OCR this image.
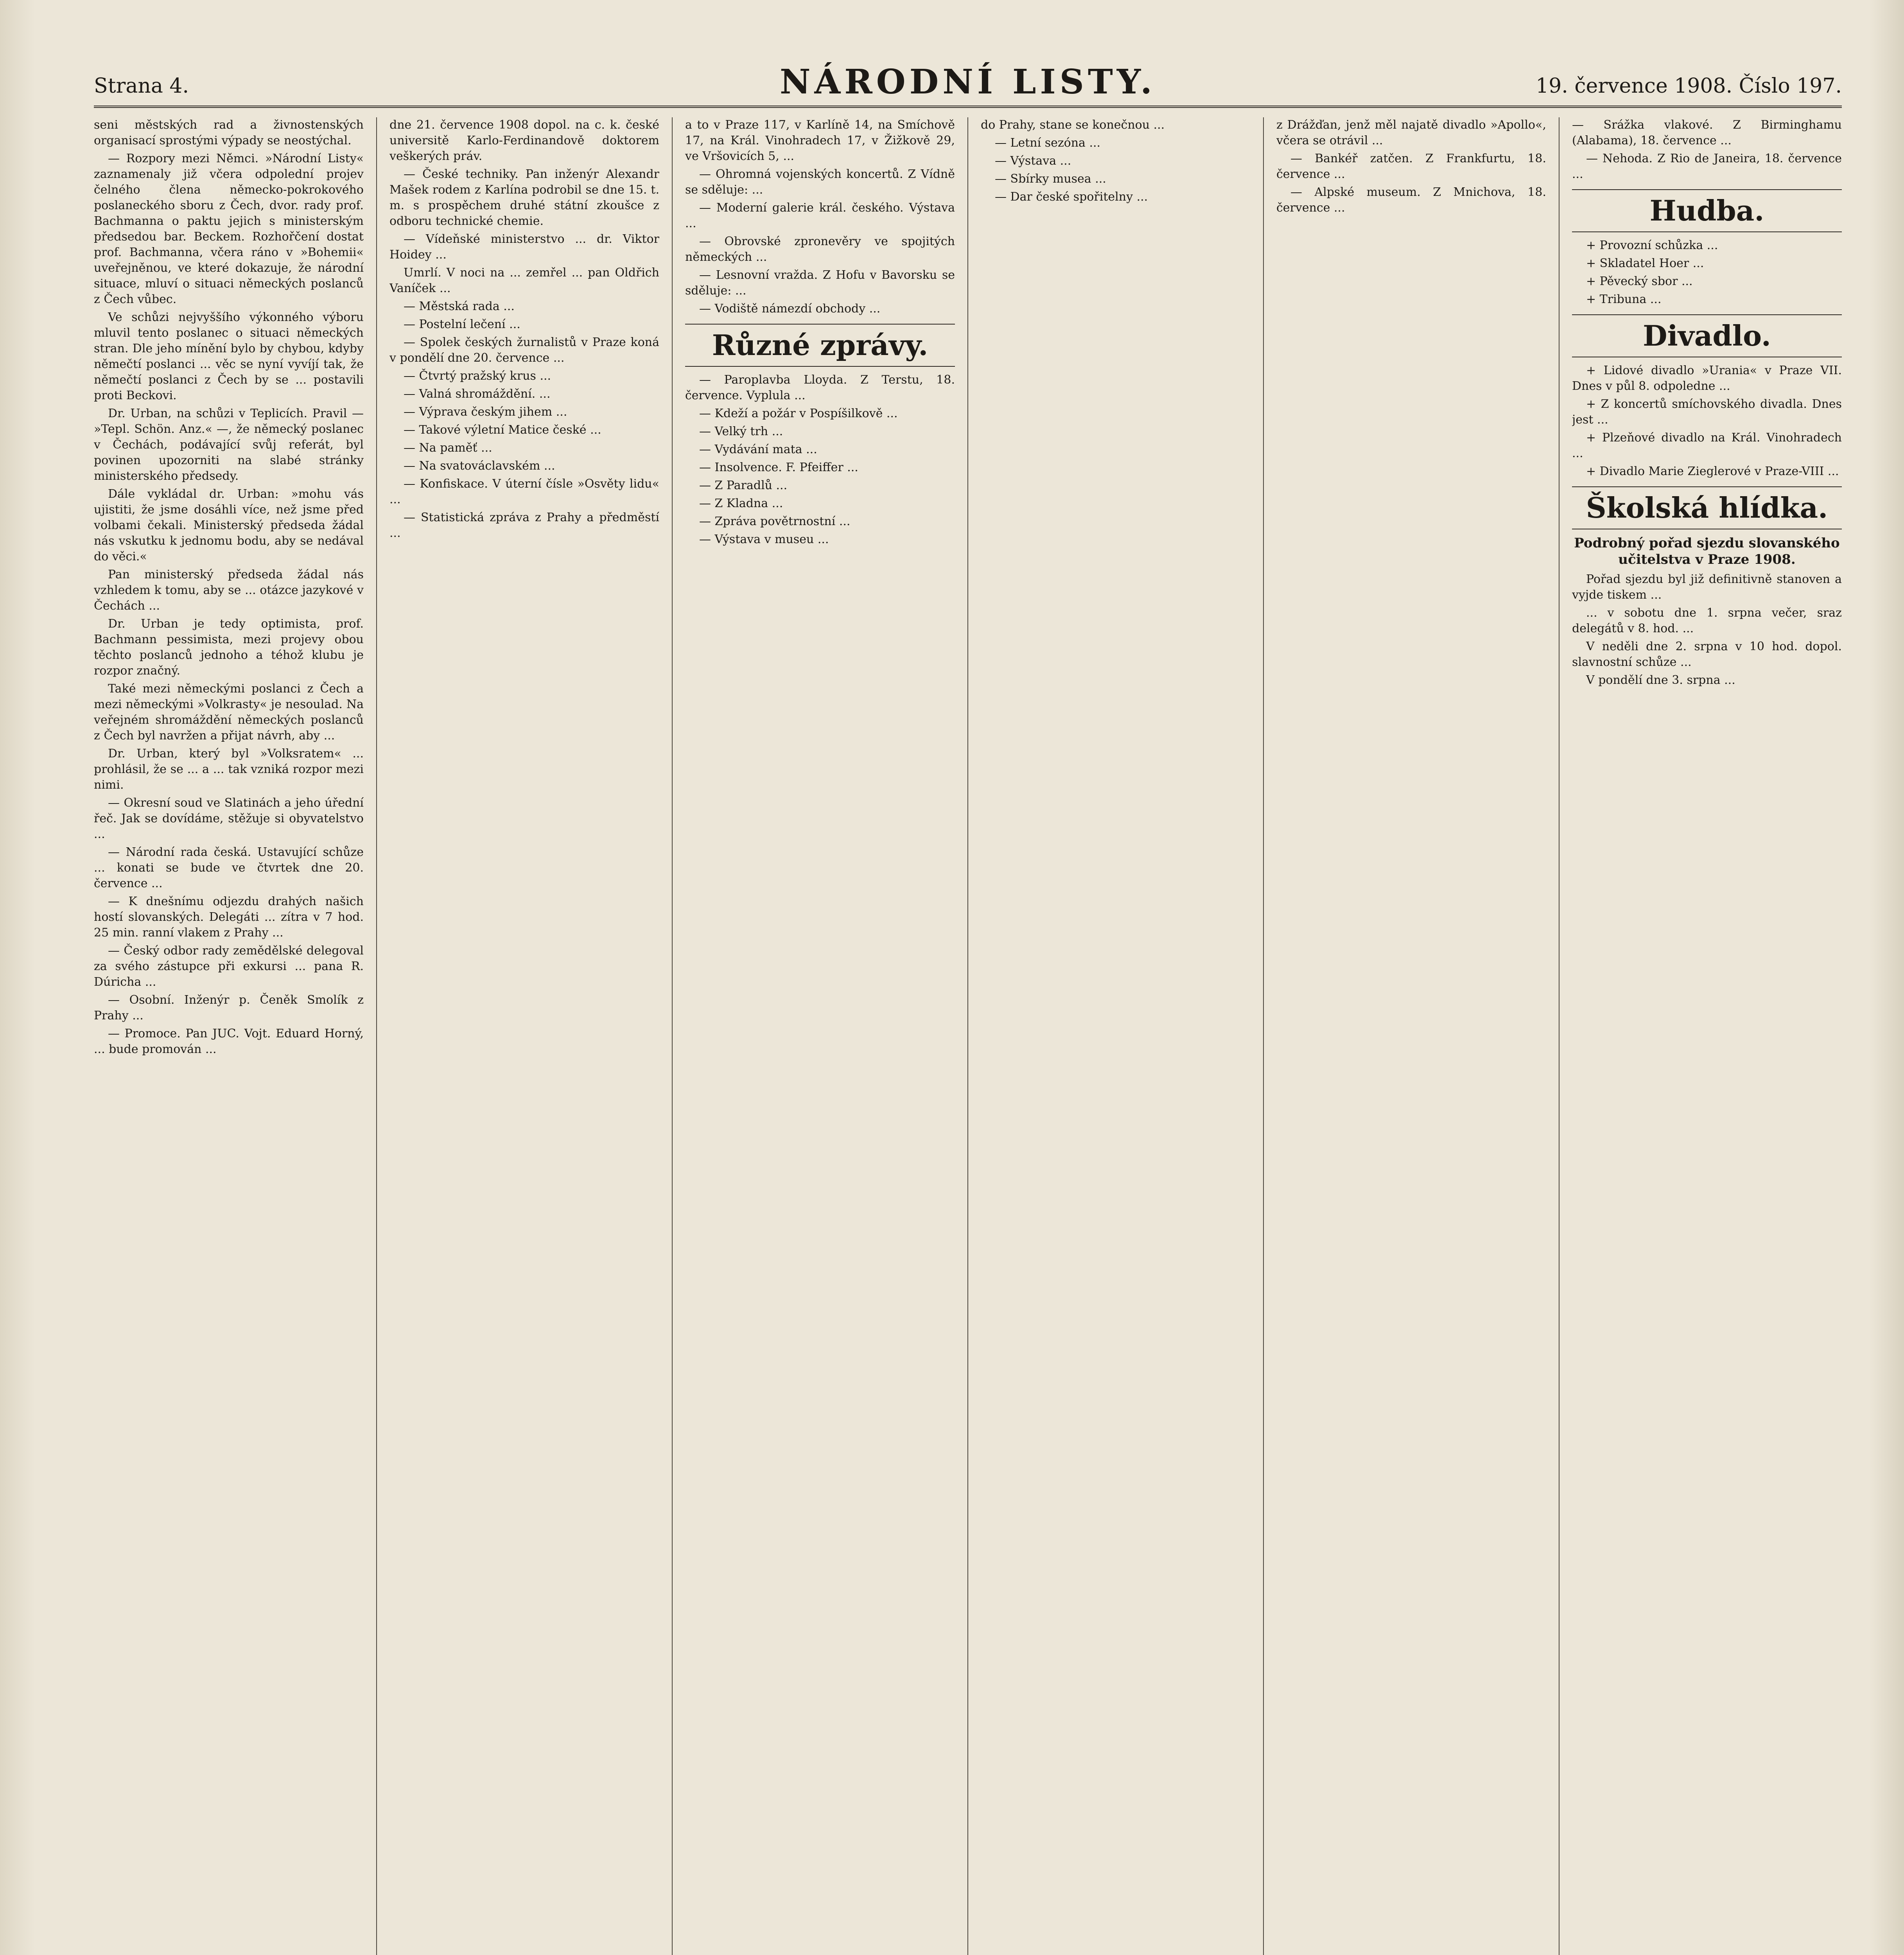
Strana 4.	NÁRODNÍ LISTY.	19. července 1908. Číslo 197.

seni městských rad a živnostenských organisací sprostými výpady se neostýchal.

— Rozpory mezi Němci. »Národní Listy« zaznamenaly již včera odpolední projev čelného člena německo-pokrokového poslaneckého sboru z Čech, dvor. rady prof. Bachmanna o paktu jejich s ministerským předsedou bar. Beckem. Rozhořčení dostat prof. Bachmanna, včera ráno v »Bohemii« uveřejněnou, ve které dokazuje, že národní situace, mluví o situaci německých poslanců z Čech vůbec.

Ve schůzi nejvyššího výkonného výboru mluvil tento poslanec o situaci německých stran. Dle jeho mínění bylo by chybou, kdyby němečtí poslanci ... věc se nyní vyvíjí tak, že němečtí poslanci z Čech by se ... postavili proti Beckovi.

Dr. Urban, na schůzi v Teplicích. Pravil — »Tepl. Schön. Anz.« —, že německý poslanec v Čechách, podávající svůj referát, byl povinen upozorniti na slabé stránky ministerského předsedy.

Dále vykládal dr. Urban: »mohu vás ujistiti, že jsme dosáhli více, než jsme před volbami čekali. Ministerský předseda žádal nás vskutku k jednomu bodu, aby se nedával do věci.«

Pan ministerský předseda žádal nás vzhledem k tomu, aby se ... otázce jazykové v Čechách ...

Dr. Urban je tedy optimista, prof. Bachmann pessimista, mezi projevy obou těchto poslanců jednoho a téhož klubu je rozpor značný.

Také mezi německými poslanci z Čech a mezi německými »Volkrasty« je nesoulad. Na veřejném shromáždění německých poslanců z Čech byl navržen a přijat návrh, aby ...

Dr. Urban, který byl »Volksratem« ... prohlásil, že se ... a ... tak vzniká rozpor mezi nimi.

— Okresní soud ve Slatinách a jeho úřední řeč. Jak se dovídáme, stěžuje si obyvatelstvo ...

— Národní rada česká. Ustavující schůze ... konati se bude ve čtvrtek dne 20. července ...

— K dnešnímu odjezdu drahých našich hostí slovanských. Delegáti ... zítra v 7 hod. 25 min. ranní vlakem z Prahy ...

— Český odbor rady zemědělské delegoval za svého zástupce při exkursi ... pana R. Dúricha ...

— Osobní. Inženýr p. Čeněk Smolík z Prahy ...

— Promoce. Pan JUC. Vojt. Eduard Horný, ... bude promován ...

dne 21. července 1908 dopol. na c. k. české universitě Karlo-Ferdinandově doktorem veškerých práv.

— České techniky. Pan inženýr Alexandr Mašek rodem z Karlína podrobil se dne 15. t. m. s prospěchem druhé státní zkoušce z odboru technické chemie.

— Vídeňské ministerstvo ... dr. Viktor Hoidey ...

Umrlí. V noci na ... zemřel ... pan Oldřich Vaníček ...

— Městská rada ...

— Postelní lečení ...

— Spolek českých žurnalistů v Praze koná v pondělí dne 20. července ...

— Čtvrtý pražský krus ...

— Valná shromáždění. ...

— Výprava českým jihem ...

— Takové výletní Matice české ...

— Na paměť ...

— Na svatováclavském ...

— Konfiskace. V úterní čísle »Osvěty lidu« ...

— Statistická zpráva z Prahy a předměstí ...

a to v Praze 117, v Karlíně 14, na Smíchově 17, na Král. Vinohradech 17, v Žižkově 29, ve Vršovicích 5, ...

— Ohromná vojenských koncertů. Z Vídně se sděluje: ...

— Moderní galerie král. českého. Výstava ...

— Obrovské zpronevěry ve spojitých německých ...

— Lesnovní vražda. Z Hofu v Bavorsku se sděluje: ...

— Vodiště námezdí obchody ...

Různé zprávy.

— Paroplavba Lloyda. Z Terstu, 18. července. Vyplula ...

— Kdeží a požár v Pospíšilkově ...

— Velký trh ...

— Vydávání mata ...

— Insolvence. F. Pfeiffer ...

— Z Paradlů ...

— Z Kladna ...

— Zpráva povětrnostní ...

— Výstava v museu ...

do Prahy, stane se konečnou ...

— Letní sezóna ...

— Výstava ...

— Sbírky musea ...

— Dar české spořitelny ...

z Drážďan, jenž měl najatě divadlo »Apollo«, včera se otrávil ...

— Bankéř zatčen. Z Frankfurtu, 18. července ...

— Alpské museum. Z Mnichova, 18. července ...

— Srážka vlakové. Z Birminghamu (Alabama), 18. července ...

— Nehoda. Z Rio de Janeira, 18. července ...

Hudba.

+ Provozní schůzka ...

+ Skladatel Hoer ...

+ Pěvecký sbor ...

+ Tribuna ...

Divadlo.

+ Lidové divadlo »Urania« v Praze VII. Dnes v půl 8. odpoledne ...

+ Z koncertů smíchovského divadla. Dnes jest ...

+ Plzeňové divadlo na Král. Vinohradech ...

+ Divadlo Marie Zieglerové v Praze-VIII ...

Školská hlídka.
Podrobný pořad sjezdu slovanského učitelstva v Praze 1908.

Pořad sjezdu byl již definitivně stanoven a vyjde tiskem ...

... v sobotu dne 1. srpna večer, sraz delegátů v 8. hod. ...

V neděli dne 2. srpna v 10 hod. dopol. slavnostní schůze ...

V pondělí dne 3. srpna ...
